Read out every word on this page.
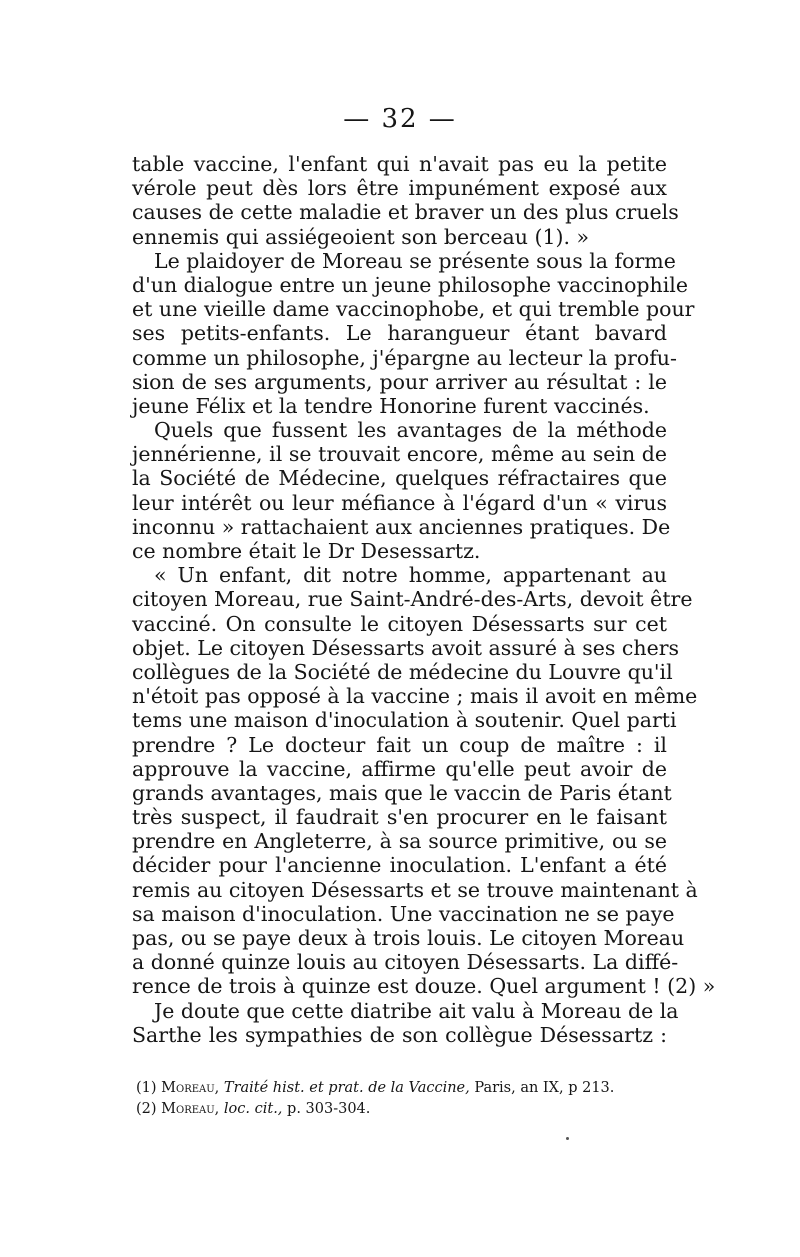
— 32 —
table vaccine, l'enfant qui n'avait pas eu la petite
vérole peut dès lors être impunément exposé aux
causes de cette maladie et braver un des plus cruels
ennemis qui assiégeoient son berceau (1). »
Le plaidoyer de Moreau se présente sous la forme
d'un dialogue entre un jeune philosophe vaccinophile
et une vieille dame vaccinophobe, et qui tremble pour
ses petits-enfants. Le harangueur étant bavard
comme un philosophe, j'épargne au lecteur la profu-
sion de ses arguments, pour arriver au résultat : le
jeune Félix et la tendre Honorine furent vaccinés.
Quels que fussent les avantages de la méthode
jennérienne, il se trouvait encore, même au sein de
la Société de Médecine, quelques réfractaires que
leur intérêt ou leur méfiance à l'égard d'un « virus
inconnu » rattachaient aux anciennes pratiques. De
ce nombre était le Dr Desessartz.
« Un enfant, dit notre homme, appartenant au
citoyen Moreau, rue Saint-André-des-Arts, devoit être
vacciné. On consulte le citoyen Désessarts sur cet
objet. Le citoyen Désessarts avoit assuré à ses chers
collègues de la Société de médecine du Louvre qu'il
n'étoit pas opposé à la vaccine ; mais il avoit en même
tems une maison d'inoculation à soutenir. Quel parti
prendre ? Le docteur fait un coup de maître : il
approuve la vaccine, affirme qu'elle peut avoir de
grands avantages, mais que le vaccin de Paris étant
très suspect, il faudrait s'en procurer en le faisant
prendre en Angleterre, à sa source primitive, ou se
décider pour l'ancienne inoculation. L'enfant a été
remis au citoyen Désessarts et se trouve maintenant à
sa maison d'inoculation. Une vaccination ne se paye
pas, ou se paye deux à trois louis. Le citoyen Moreau
a donné quinze louis au citoyen Désessarts. La diffé-
rence de trois à quinze est douze. Quel argument ! (2) »
Je doute que cette diatribe ait valu à Moreau de la
Sarthe les sympathies de son collègue Désessartz :
(1) Moreau, Traité hist. et prat. de la Vaccine, Paris, an IX, p 213.
(2) Moreau, loc. cit., p. 303-304.
